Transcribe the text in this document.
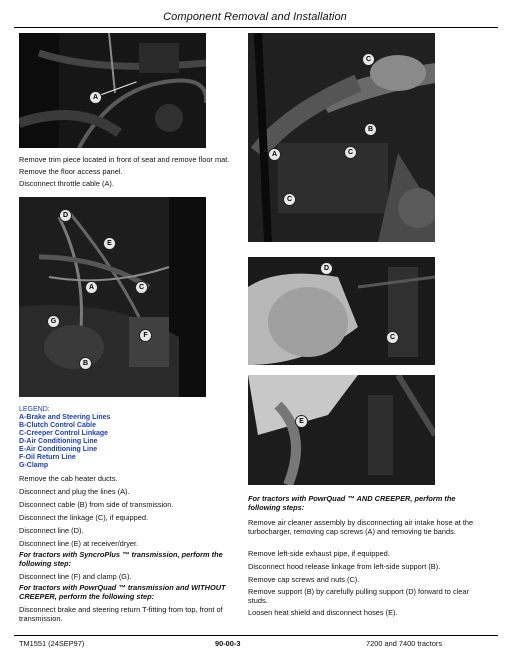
Component Removal and Installation
A

Remove trim piece located in front of seat and remove floor mat.

Remove the floor access panel.

Disconnect throttle cable (A).

D
E
A	C
G
F
B
LEGEND:
A-Brake and Steering Lines
B-Clutch Control Cable
C-Creeper Control Linkage
D-Air Conditioning Line
E-Air Conditioning Line
F-Oil Return Line
G-Clamp

Remove the cab heater ducts.

Disconnect and plug the lines (A).

Disconnect cable (B) from side of transmission.

Disconnect the linkage (C), if equipped.

Disconnect line (D).

Disconnect line (E) at receiver/dryer.

For tractors with SyncroPlus ™ transmission, perform the following step:

Disconnect line (F) and clamp (G).

For tractors with PowrQuad ™ transmission and WITHOUT CREEPER, perform the following step:

Disconnect brake and steering return T-fitting from top, front of transmission.

C
B
A	C
C
D
C
E

For tractors with PowrQuad ™ AND CREEPER, perform the following steps:

Remove air cleaner assembly by disconnecting air intake hose at the turbocharger, removing cap screws (A) and removing tie bands.

Remove left-side exhaust pipe, if equipped.

Disconnect hood release linkage from left-side support (B).

Remove cap screws and nuts (C).

Remove support (B) by carefully pulling support (D) forward to clear studs.

Loosen heat shield and disconnect hoses (E).

TM1551 (24SEP97)	90-00-3	7200 and 7400 tractors
